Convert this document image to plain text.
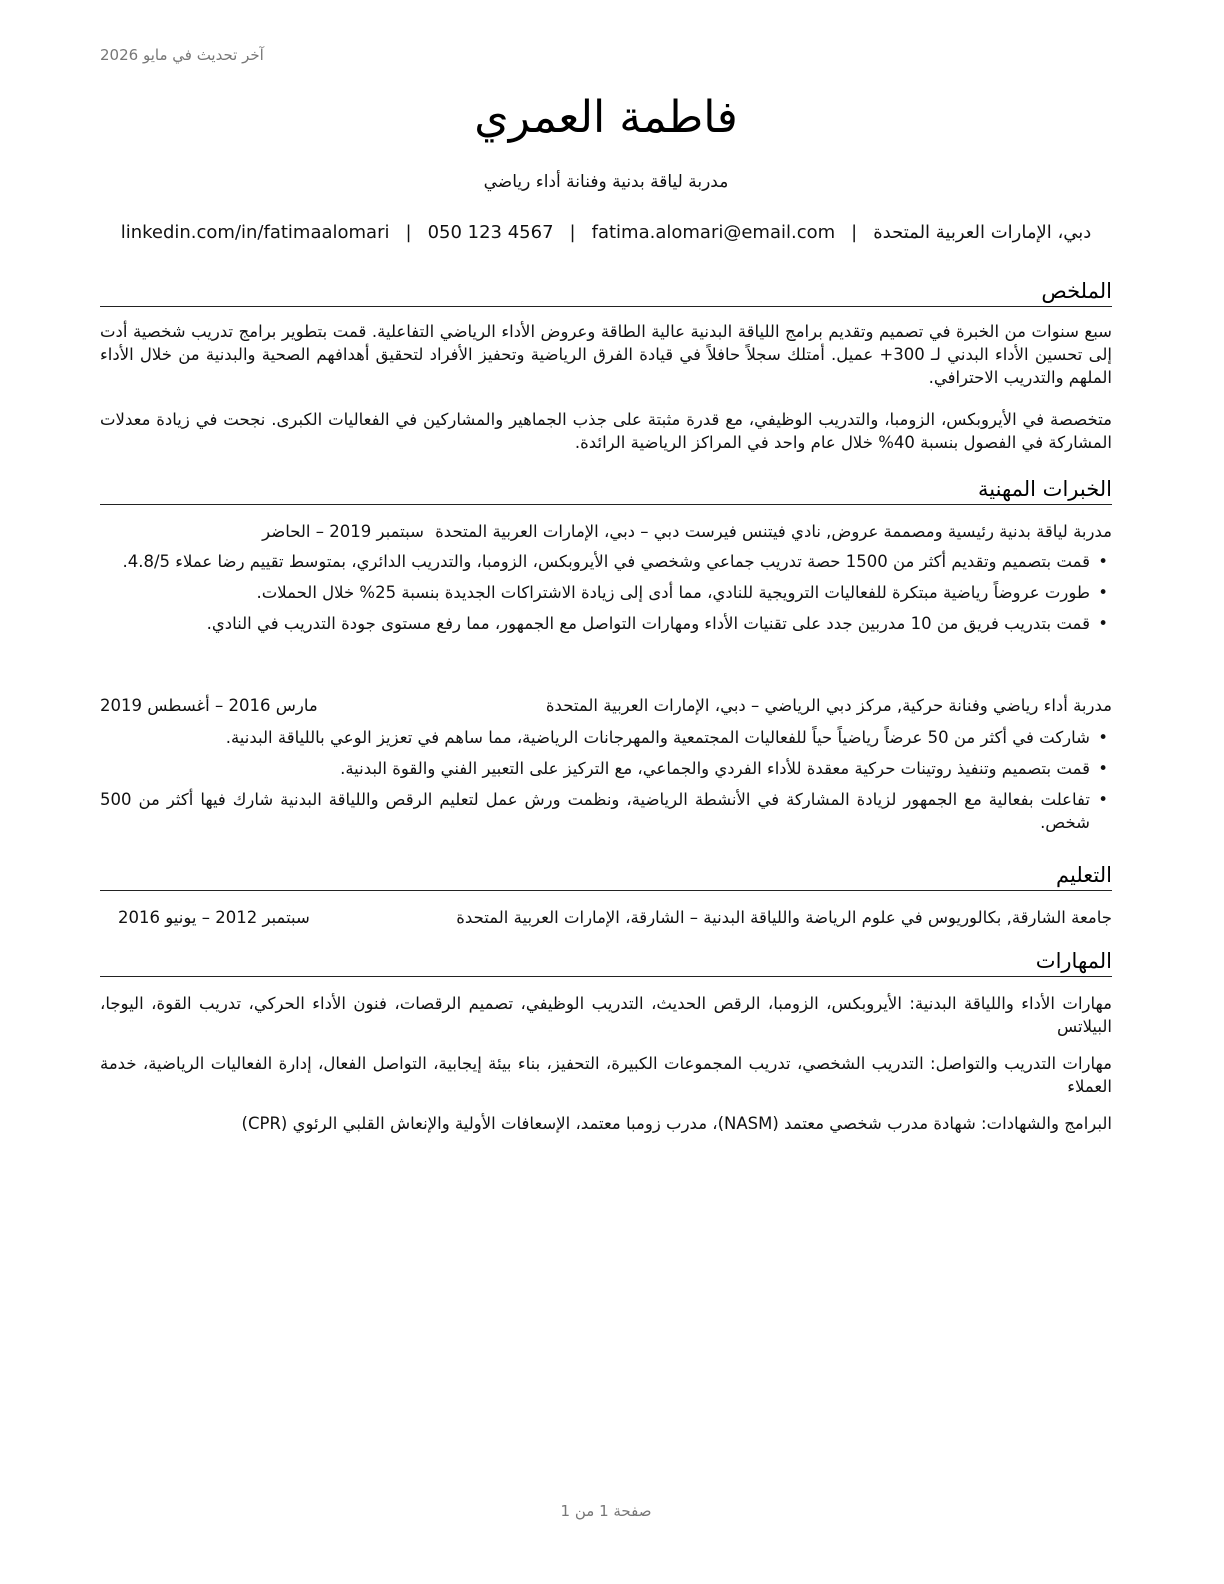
آخر تحديث في مايو 2026
فاطمة العمري
مدربة لياقة بدنية وفنانة أداء رياضي
دبي، الإمارات العربية المتحدة
|
fatima.alomari@email.com
|
050 123 4567
|
linkedin.com/in/fatimaalomari
الملخص
سبع سنوات من الخبرة في تصميم وتقديم برامج اللياقة البدنية عالية الطاقة وعروض الأداء الرياضي التفاعلية. قمت بتطوير برامج تدريب شخصية أدت إلى تحسين الأداء البدني لـ 300+ عميل. أمتلك سجلاً حافلاً في قيادة الفرق الرياضية وتحفيز الأفراد لتحقيق أهدافهم الصحية والبدنية من خلال الأداء الملهم والتدريب الاحترافي.
متخصصة في الأيروبكس، الزومبا، والتدريب الوظيفي، مع قدرة مثبتة على جذب الجماهير والمشاركين في الفعاليات الكبرى. نجحت في زيادة معدلات المشاركة في الفصول بنسبة 40% خلال عام واحد في المراكز الرياضية الرائدة.
الخبرات المهنية
مدربة لياقة بدنية رئيسية ومصممة عروض, نادي فيتنس فيرست دبي – دبي، الإمارات العربية المتحدة سبتمبر 2019 – الحاضر
•
قمت بتصميم وتقديم أكثر من 1500 حصة تدريب جماعي وشخصي في الأيروبكس، الزومبا، والتدريب الدائري، بمتوسط تقييم رضا عملاء 4.8/5.
•
طورت عروضاً رياضية مبتكرة للفعاليات الترويجية للنادي، مما أدى إلى زيادة الاشتراكات الجديدة بنسبة 25% خلال الحملات.
•
قمت بتدريب فريق من 10 مدربين جدد على تقنيات الأداء ومهارات التواصل مع الجمهور، مما رفع مستوى جودة التدريب في النادي.
مدربة أداء رياضي وفنانة حركية, مركز دبي الرياضي – دبي، الإمارات العربية المتحدة
مارس 2016 – أغسطس 2019
•
شاركت في أكثر من 50 عرضاً رياضياً حياً للفعاليات المجتمعية والمهرجانات الرياضية، مما ساهم في تعزيز الوعي باللياقة البدنية.
•
قمت بتصميم وتنفيذ روتينات حركية معقدة للأداء الفردي والجماعي، مع التركيز على التعبير الفني والقوة البدنية.
•
تفاعلت بفعالية مع الجمهور لزيادة المشاركة في الأنشطة الرياضية، ونظمت ورش عمل لتعليم الرقص واللياقة البدنية شارك فيها أكثر من 500 شخص.
التعليم
جامعة الشارقة, بكالوريوس في علوم الرياضة واللياقة البدنية – الشارقة، الإمارات العربية المتحدة
سبتمبر 2012 – يونيو 2016
المهارات
مهارات الأداء واللياقة البدنية: الأيروبكس، الزومبا، الرقص الحديث، التدريب الوظيفي، تصميم الرقصات، فنون الأداء الحركي، تدريب القوة، اليوجا، البيلاتس
مهارات التدريب والتواصل: التدريب الشخصي، تدريب المجموعات الكبيرة، التحفيز، بناء بيئة إيجابية، التواصل الفعال، إدارة الفعاليات الرياضية، خدمة العملاء
البرامج والشهادات: شهادة مدرب شخصي معتمد (NASM)، مدرب زومبا معتمد، الإسعافات الأولية والإنعاش القلبي الرئوي (CPR)
صفحة 1 من 1
